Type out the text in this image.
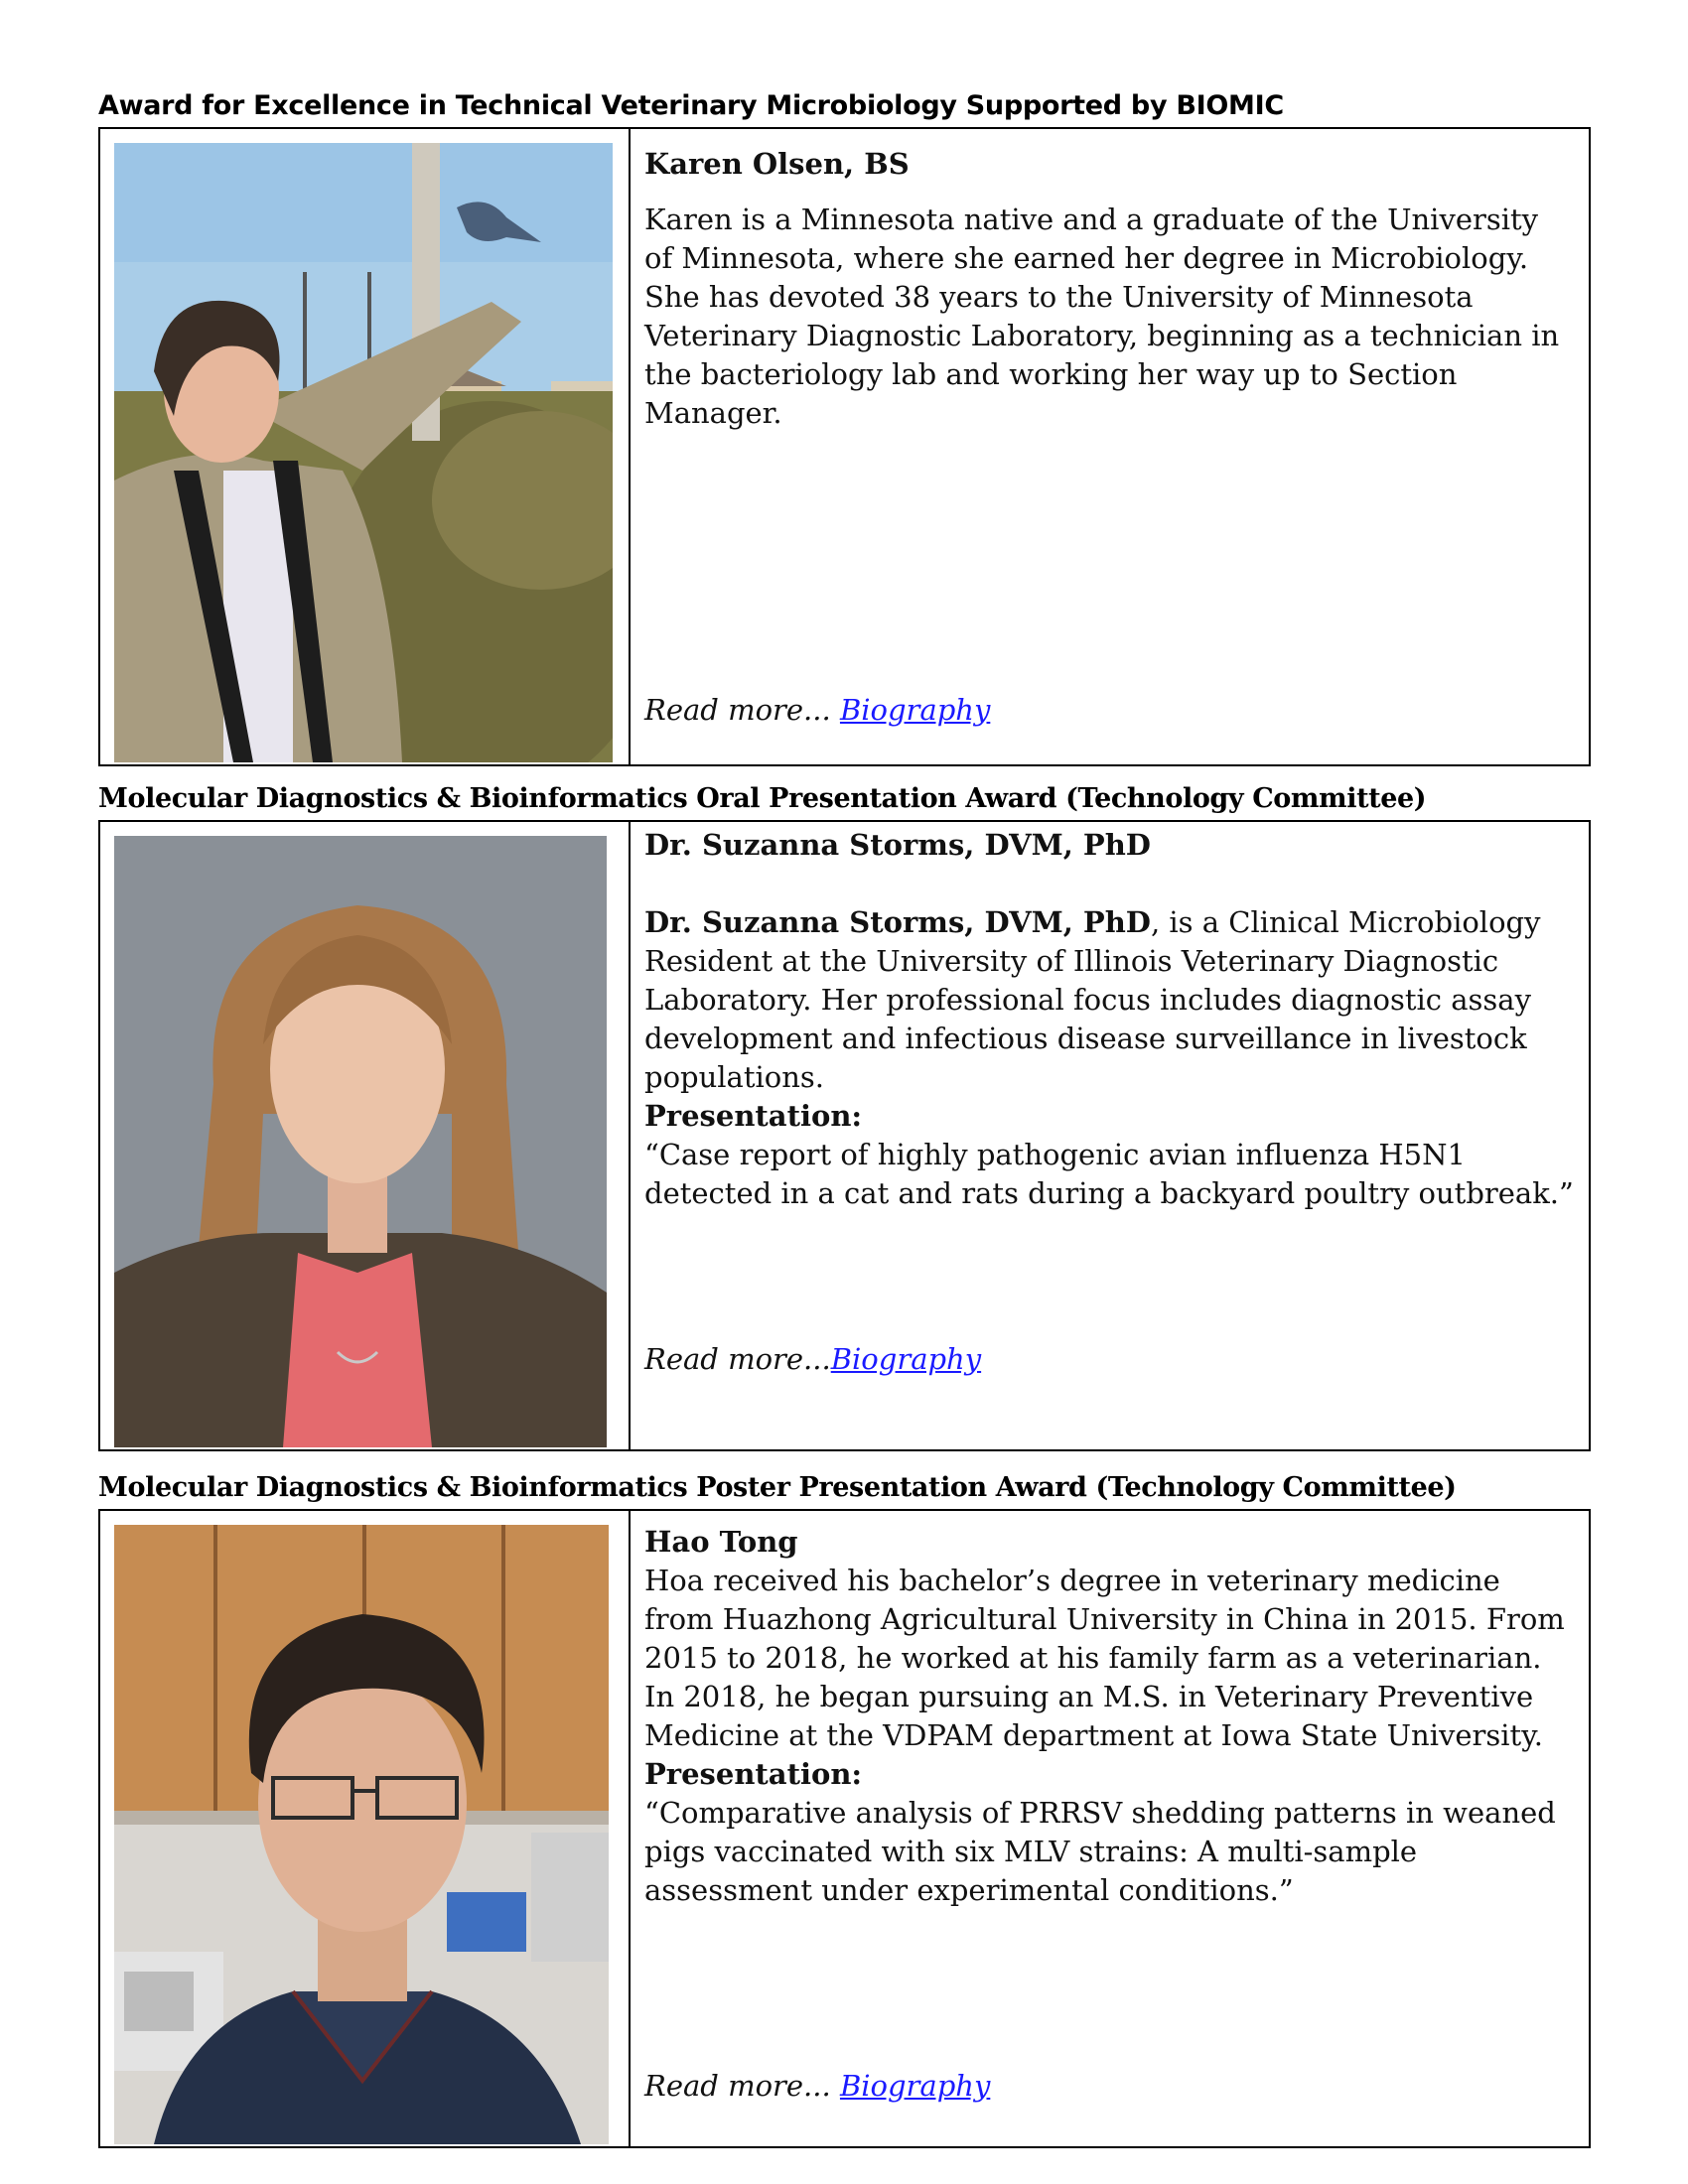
Award for Excellence in Technical Veterinary Microbiology Supported by BIOMIC

Karen Olsen, BS

Karen is a Minnesota native and a graduate of the University of Minnesota, where she earned her degree in Microbiology. She has devoted 38 years to the University of Minnesota Veterinary Diagnostic Laboratory, beginning as a technician in the bacteriology lab and working her way up to Section Manager.

Read more... Biography
Molecular Diagnostics & Bioinformatics Oral Presentation Award (Technology Committee)

Dr. Suzanna Storms, DVM, PhD

Dr. Suzanna Storms, DVM, PhD, is a Clinical Microbiology Resident at the University of Illinois Veterinary Diagnostic Laboratory. Her professional focus includes diagnostic assay development and infectious disease surveillance in livestock populations.

Presentation:

“Case report of highly pathogenic avian influenza H5N1 detected in a cat and rats during a backyard poultry outbreak.”

Read more...Biography
Molecular Diagnostics & Bioinformatics Poster Presentation Award (Technology Committee)

Hao Tong

Hoa received his bachelor’s degree in veterinary medicine from Huazhong Agricultural University in China in 2015. From 2015 to 2018, he worked at his family farm as a veterinarian. In 2018, he began pursuing an M.S. in Veterinary Preventive Medicine at the VDPAM department at Iowa State University.

Presentation:

“Comparative analysis of PRRSV shedding patterns in weaned pigs vaccinated with six MLV strains: A multi-sample assessment under experimental conditions.”

Read more... Biography
